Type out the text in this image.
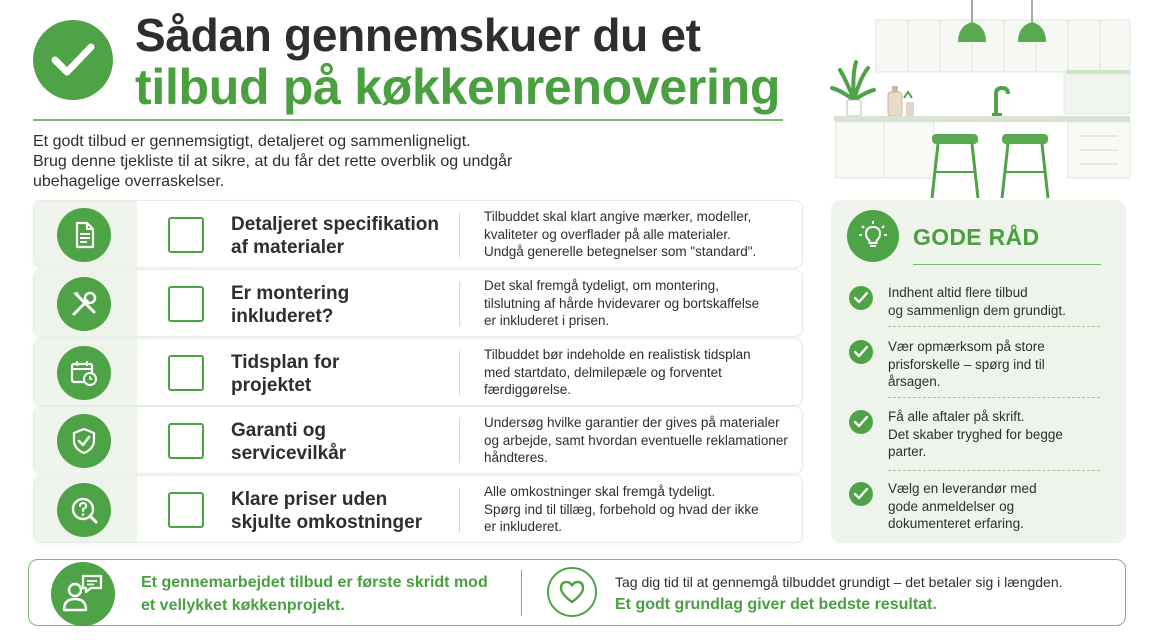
Sådan gennemskuer du et
tilbud på køkkenrenovering
Et godt tilbud er gennemsigtigt, detaljeret og sammenligneligt.
Brug denne tjekliste til at sikre, at du får det rette overblik og undgår
ubehagelige overraskelser.
Detaljeret specifikation
af materialer
Tilbuddet skal klart angive mærker, modeller,
kvaliteter og overflader på alle materialer.
Undgå generelle betegnelser som "standard".
Er montering
inkluderet?
Det skal fremgå tydeligt, om montering,
tilslutning af hårde hvidevarer og bortskaffelse
er inkluderet i prisen.
Tidsplan for
projektet
Tilbuddet bør indeholde en realistisk tidsplan
med startdato, delmilepæle og forventet
færdiggørelse.
Garanti og
servicevilkår
Undersøg hvilke garantier der gives på materialer
og arbejde, samt hvordan eventuelle reklamationer
håndteres.
Klare priser uden
skjulte omkostninger
Alle omkostninger skal fremgå tydeligt.
Spørg ind til tillæg, forbehold og hvad der ikke
er inkluderet.
GODE RÅD
Indhent altid flere tilbud
og sammenlign dem grundigt.
Vær opmærksom på store
prisforskelle – spørg ind til
årsagen.
Få alle aftaler på skrift.
Det skaber tryghed for begge
parter.
Vælg en leverandør med
gode anmeldelser og
dokumenteret erfaring.
Et gennemarbejdet tilbud er første skridt mod
et vellykket køkkenprojekt.
Tag dig tid til at gennemgå tilbuddet grundigt – det betaler sig i længden.
Et godt grundlag giver det bedste resultat.
